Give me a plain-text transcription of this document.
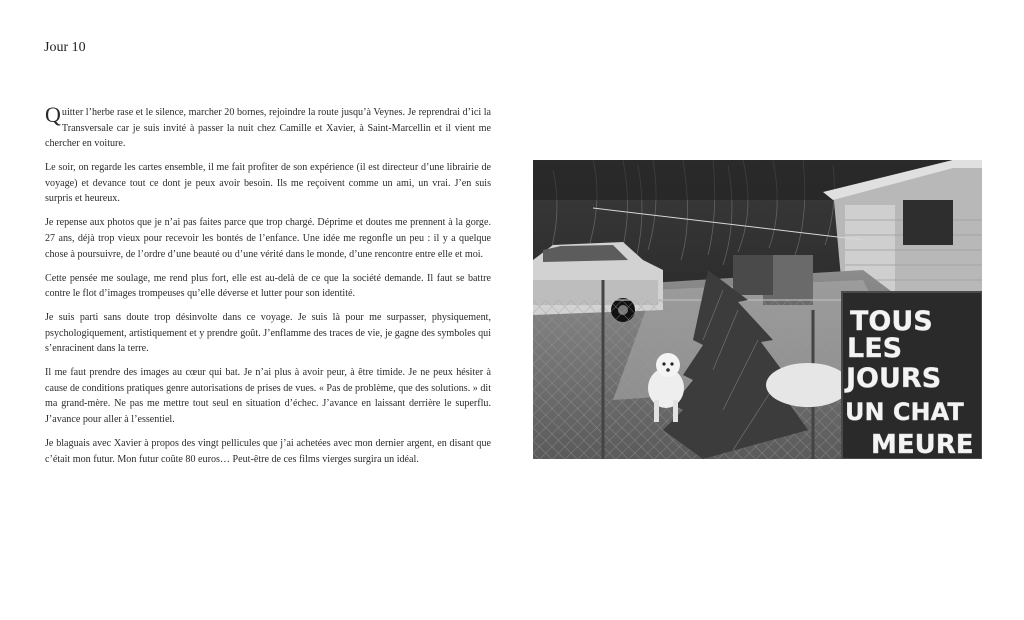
Jour 10

Quitter l’herbe rase et le silence, marcher 20 bornes, rejoindre la route jusqu’à Veynes. Je reprendrai d’ici la Transversale car je suis invité à passer la nuit chez Camille et Xavier, à Saint-Marcellin et il vient me chercher en voiture.

Le soir, on regarde les cartes ensemble, il me fait profiter de son expérience (il est directeur d’une librairie de voyage) et devance tout ce dont je peux avoir besoin. Ils me reçoivent comme un ami, un vrai. J’en suis surpris et heureux.

Je repense aux photos que je n’ai pas faites parce que trop chargé. Déprime et doutes me prennent à la gorge. 27 ans, déjà trop vieux pour recevoir les bontés de l’enfance. Une idée me regonfle un peu : il y a quelque chose à poursuivre, de l’ordre d’une beauté ou d’une vérité dans le monde, d’une rencontre entre elle et moi.

Cette pensée me soulage, me rend plus fort, elle est au-delà de ce que la société demande. Il faut se battre contre le flot d’images trompeuses qu’elle déverse et lutter pour son identité.

Je suis parti sans doute trop désinvolte dans ce voyage. Je suis là pour me surpasser, physiquement, psychologiquement, artistiquement et y prendre goût. J’enflamme des traces de vie, je gagne des symboles qui s’enracinent dans la terre.

Il me faut prendre des images au cœur qui bat. Je n’ai plus à avoir peur, à être timide. Je ne peux hésiter à cause de conditions pratiques genre autorisations de prises de vues. « Pas de problème, que des solutions. » dit ma grand-mère. Ne pas me mettre tout seul en situation d’échec. J’avance en laissant derrière le superflu. J’avance pour aller à l’essentiel.

Je blaguais avec Xavier à propos des vingt pellicules que j’ai achetées avec mon dernier argent, en disant que c’était mon futur. Mon futur coûte 80 euros… Peut-être de ces films vierges surgira un idéal.

TOUS
LES
JOURS
UN CHAT
MEURE
